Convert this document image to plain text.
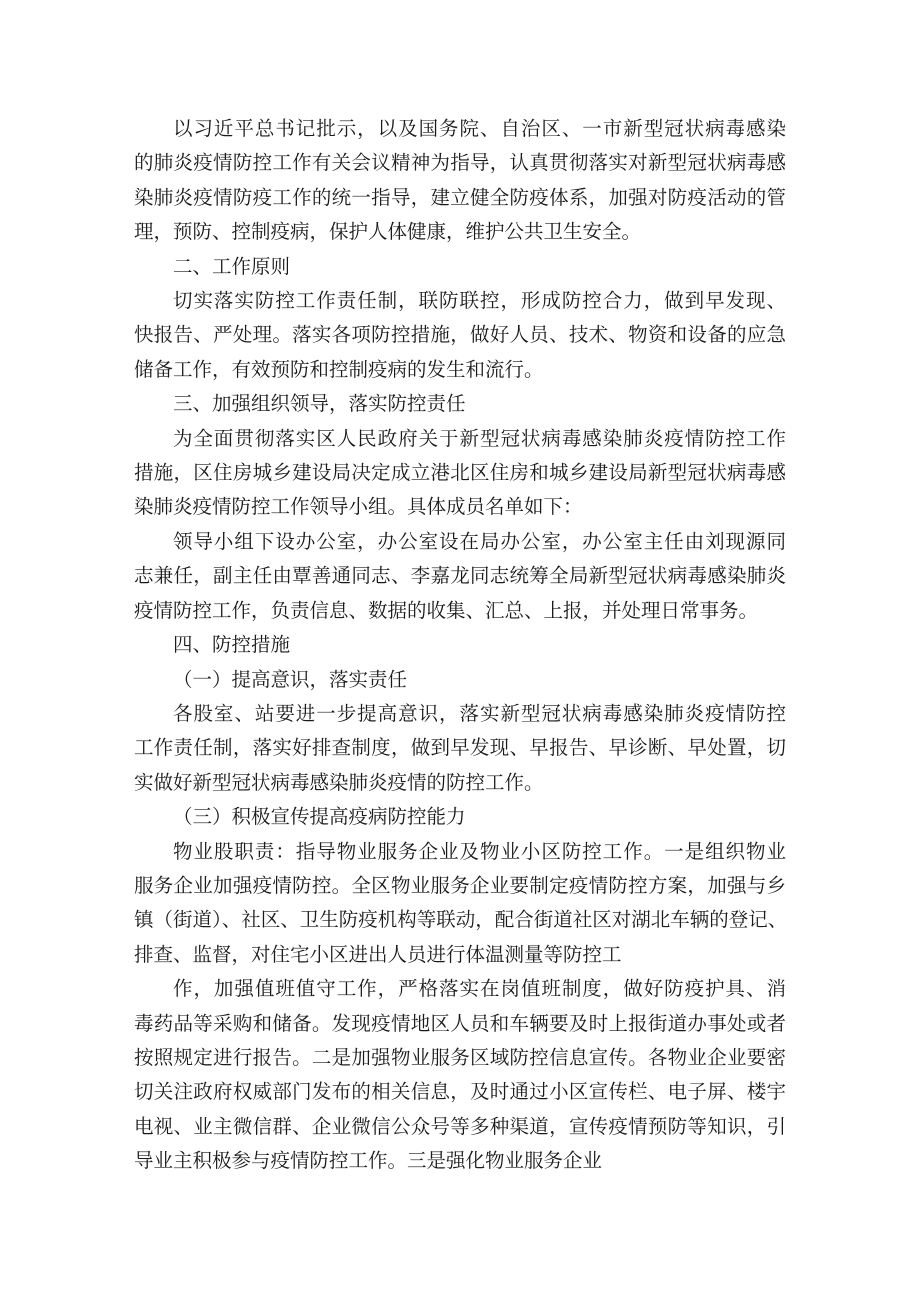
以习近平总书记批示，以及国务院、自治区、一市新型冠状病毒感染
的肺炎疫情防控工作有关会议精神为指导，认真贯彻落实对新型冠状病毒感
染肺炎疫情防疫工作的统一指导，建立健全防疫体系，加强对防疫活动的管
理，预防、控制疫病，保护人体健康，维护公共卫生安全。
二、工作原则
切实落实防控工作责任制，联防联控，形成防控合力，做到早发现、
快报告、严处理。落实各项防控措施，做好人员、技术、物资和设备的应急
储备工作，有效预防和控制疫病的发生和流行。
三、加强组织领导，落实防控责任
为全面贯彻落实区人民政府关于新型冠状病毒感染肺炎疫情防控工作
措施，区住房城乡建设局决定成立港北区住房和城乡建设局新型冠状病毒感
染肺炎疫情防控工作领导小组。具体成员名单如下：
领导小组下设办公室，办公室设在局办公室，办公室主任由刘现源同
志兼任，副主任由覃善通同志、李嘉龙同志统筹全局新型冠状病毒感染肺炎
疫情防控工作，负责信息、数据的收集、汇总、上报，并处理日常事务。
四、防控措施
（一）提高意识，落实责任
各股室、站要进一步提高意识，落实新型冠状病毒感染肺炎疫情防控
工作责任制，落实好排查制度，做到早发现、早报告、早诊断、早处置，切
实做好新型冠状病毒感染肺炎疫情的防控工作。
（三）积极宣传提高疫病防控能力
物业股职责：指导物业服务企业及物业小区防控工作。一是组织物业
服务企业加强疫情防控。全区物业服务企业要制定疫情防控方案，加强与乡
镇（街道）、社区、卫生防疫机构等联动，配合街道社区对湖北车辆的登记、
排查、监督，对住宅小区进出人员进行体温测量等防控工
作，加强值班值守工作，严格落实在岗值班制度，做好防疫护具、消
毒药品等采购和储备。发现疫情地区人员和车辆要及时上报街道办事处或者
按照规定进行报告。二是加强物业服务区域防控信息宣传。各物业企业要密
切关注政府权威部门发布的相关信息，及时通过小区宣传栏、电子屏、楼宇
电视、业主微信群、企业微信公众号等多种渠道，宣传疫情预防等知识，引
导业主积极参与疫情防控工作。三是强化物业服务企业
